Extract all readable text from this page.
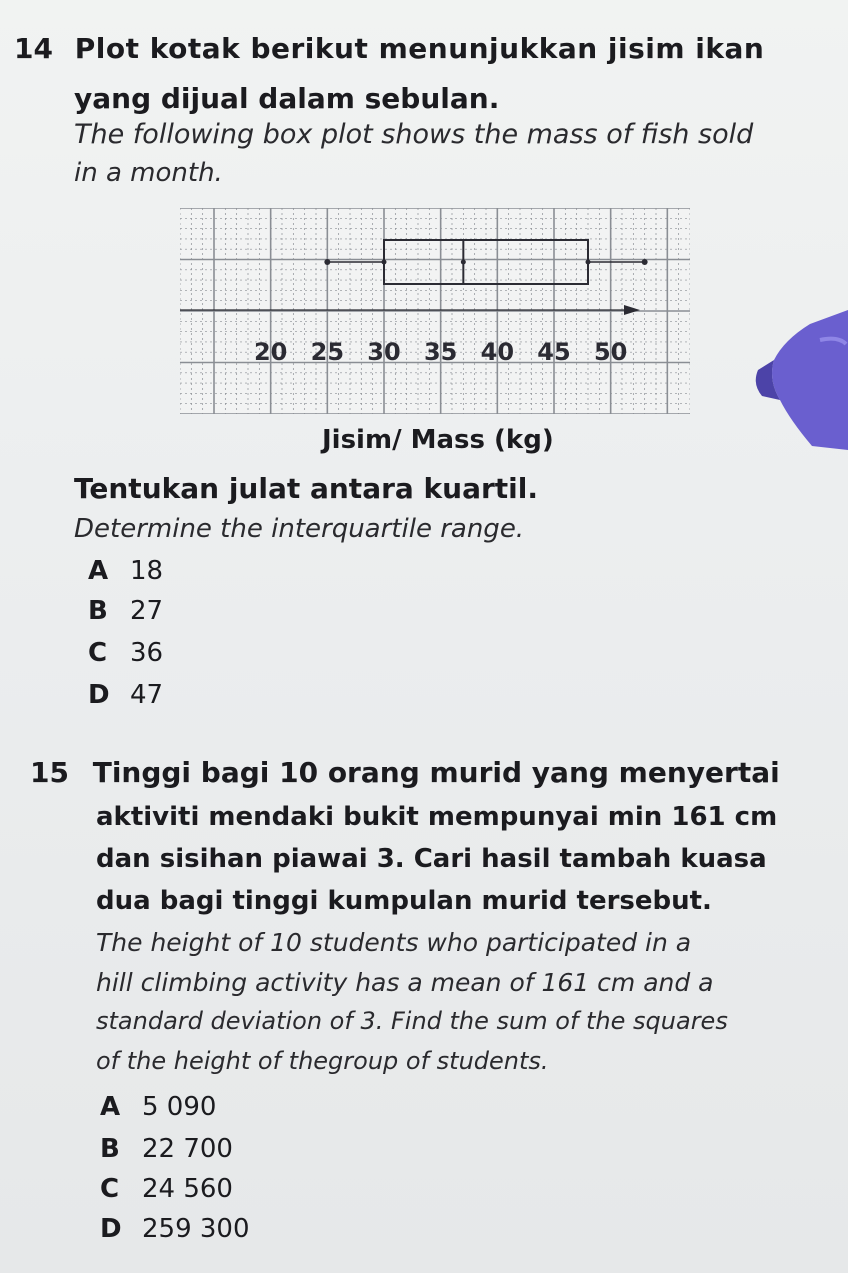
14 Plot kotak berikut menunjukkan jisim ikan
yang dijual dalam sebulan.
The following box plot shows the mass of fish sold
in a month.
20 25 30 35 40 45 50
Jisim/ Mass (kg)
Tentukan julat antara kuartil.
Determine the interquartile range.
A 18
B 27
C 36
D 47
15 Tinggi bagi 10 orang murid yang menyertai
aktiviti mendaki bukit mempunyai min 161 cm
dan sisihan piawai 3. Cari hasil tambah kuasa
dua bagi tinggi kumpulan murid tersebut.
The height of 10 students who participated in a
hill climbing activity has a mean of 161 cm and a
standard deviation of 3. Find the sum of the squares
of the height of thegroup of students.
A 5 090
B 22 700
C 24 560
D 259 300
